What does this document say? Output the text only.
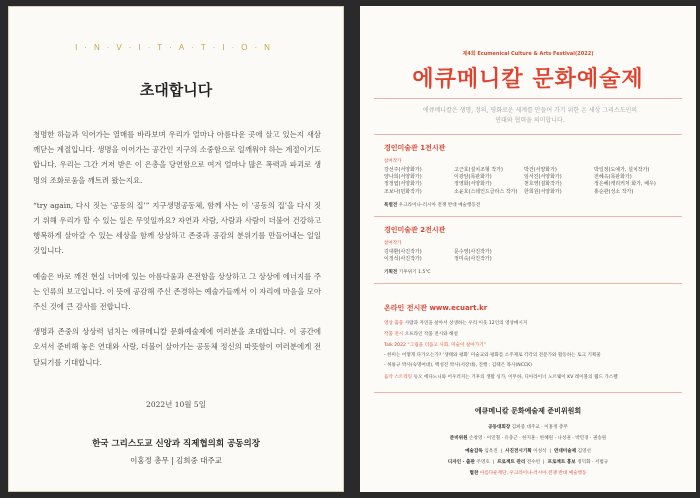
I·N·V·I·T·A·T·I·O·N
초대합니다

청명한 하늘과 익어가는 열매를 바라보며 우리가 얼마나 아름다운 곳에 살고 있는지 새삼 깨닫는 계절입니다. 생명을 이어가는 공간인 지구의 소중함으로 일깨워야 하는 계절이기도 합니다. 우리는 그간 거저 받은 이 은총을 당연함으로 여겨 얼마나 많은 폭력과 파괴로 생명의 조화로움을 깨트려 왔는지요.

“try again, 다시 짓는 ‘공동의 집’” 지구생명공동체, 함께 사는 이 ‘공동의 집’을 다시 짓기 위해 우리가 할 수 있는 일은 무엇일까요? 자연과 사람, 사람과 사람이 더불어 건강하고 행복하게 살아갈 수 있는 세상을 함께 상상하고 존중과 공감의 분위기를 만들어내는 일일 것입니다.

예술은 바로 깨진 현실 너머에 있는 아름다움과 온전함을 상상하고 그 상상에 에너지를 주는 인류의 보고입니다. 이 뜻에 공감해 주신 존경하는 예술가들께서 이 자리에 마음을 모아주신 것에 큰 감사를 전합니다.

생명과 존중의 상상력 넘치는 에큐메니칼 문화예술제에 여러분을 초대합니다. 이 공간에 오셔서 준비해 놓은 연대와 사랑, 더불어 살아가는 공동체 정신의 따뜻함이 여러분에게 전달되기를 기대합니다.

2022년 10월 5일
한국 그리스도교 신앙과 직제협의회 공동의장
이홍정 총무 | 김희중 대주교
제4회 Ecumenical Culture & Arts Festival(2022)
에큐메니칼 문화예술제
에큐메니칼은 생명, 정의, 평화로운 세계를 만들어 가기 위한 온 세상 그리스도인의 연대와 협력을 의미합니다.
경인미술관 1전시관
참여작가
강선주(서양화가)	고근호(설치조형 작가)	박건(서양화가)	박일정(도예가, 설치작가)
양나희(서양화가)	이광암(목판화가)	임서진(서양화가)	전혜옥(목판화가)
정정엽(서양화가)	정영화(서양화가)	천호영(설화작가)	정은혜(캐리커처 화가, 배우)
조보나(민화작가)	소윤호(스테인드글라스 작가)	한희원(서양화가)	홍순관(성소 작가)
특별전 우크라이나-러시아 전쟁 반대 예술행동전
경인미술관 2전시관
참여작가
김대환(사진작가)	문수영(사진작가)
이정석(사진작가)	정미숙(사진작가)
기획전 기후위기 1.5℃
온라인 전시관 www.ecuart.kr
영상 출품 사람과 자연을 살아서 상생하는 우리 이웃 12인의 영상메시지
작품 전시 오프라인 작품 전시와 해설
Talk 2022 “그림을 더듬고 사회, 미술이 살아가기”
- 한미는 어떻게 다가오는가? ‘생태와 평화’ 미술교와 평화를 소주제로 각각의 전문가와 활동하는 토크 기획물
- 허룡규 박사(숙명여대), 백성진 박사(서강대), 진행 : 김태은 목사(NCCK)
음악 스트리밍 듀오 에다노니와 어우러지는 기후의 생활 싱가, 이무하, 디아라이너 노르웨이 KV 레이블의 웹드 가스펠
에큐메니칼 문화예술제 준비위원회
공동대회장 김희중 대주교 · 이홍정 총무
준비위원 손창영 · 이연철 · 유충근 · 한지훈 · 한혜원 · 나성권 · 박민경 · 권송원
예술감독 임옥진  |  사진전시기획 이성석  |  연대미술제 김영선
디자인 · 출판 주영호  |  프로젝트 관리 전수빈  |  프로젝트 홍보 정덕화 · 서범규
협찬 아름다운재단, 우크라이나-러시아 전쟁 반대 예술행동
